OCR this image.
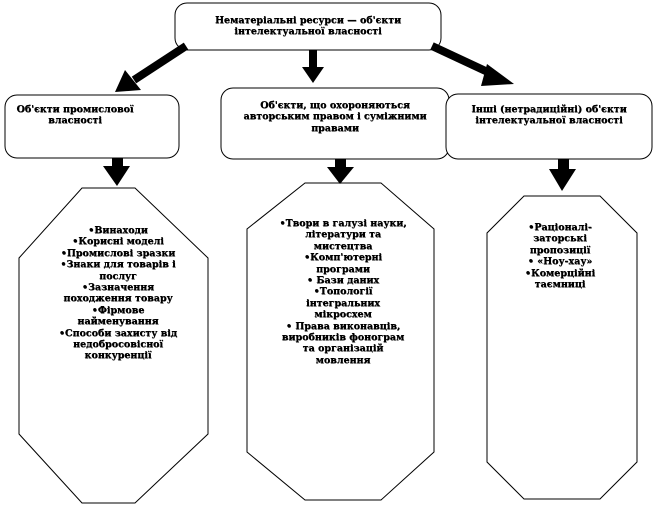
Нематеріальні ресурси — об'єкти
інтелектуальної власності
Об'єкти промислової
власності
Об'єкти, що охороняються
авторським правом і суміжними
правами
Інші (нетрадиційні) об'єкти
інтелектуальної власності
•Винаходи
•Корисні моделі
•Промислові зразки
•Знаки для товарів і
послуг
•Зазначення
походження товару
•Фірмове
найменування
•Способи захисту від
недобросовісної
конкуренції
•Твори в галузі науки,
літератури та
мистецтва
•Комп'ютерні
програми
• Бази даних
•Топології
інтегральних
мікросхем
• Права виконавців,
виробників фонограм
та організацій
мовлення
•Раціоналі-
заторські
пропозиції
• «Ноу-хау»
•Комерційні
таємниці
